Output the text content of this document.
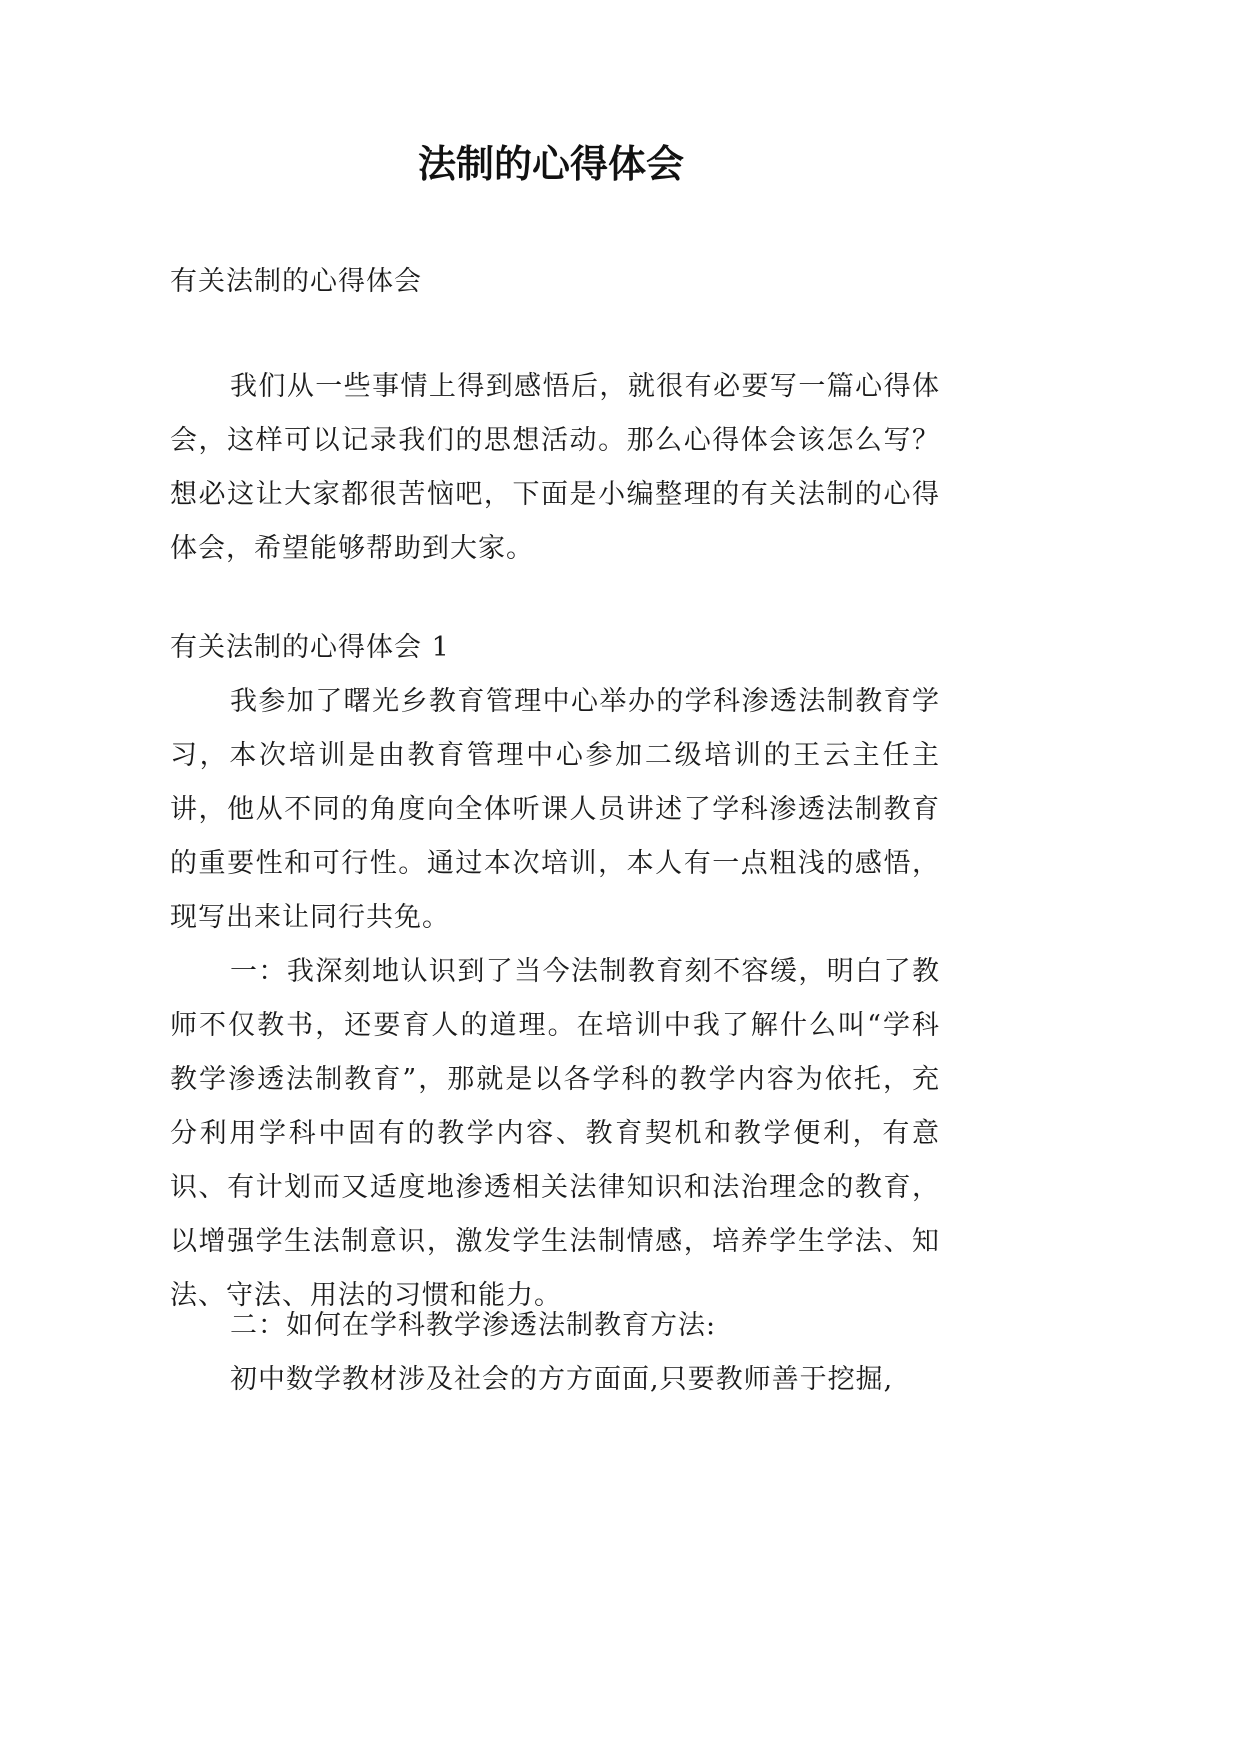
法制的心得体会

有关法制的心得体会

我们从一些事情上得到感悟后，就很有必要写一篇心得体会，这样可以记录我们的思想活动。那么心得体会该怎么写？想必这让大家都很苦恼吧，下面是小编整理的有关法制的心得体会，希望能够帮助到大家。

有关法制的心得体会 1

我参加了曙光乡教育管理中心举办的学科渗透法制教育学习，本次培训是由教育管理中心参加二级培训的王云主任主讲，他从不同的角度向全体听课人员讲述了学科渗透法制教育的重要性和可行性。通过本次培训，本人有一点粗浅的感悟，现写出来让同行共免。

一：我深刻地认识到了当今法制教育刻不容缓，明白了教师不仅教书，还要育人的道理。在培训中我了解什么叫“学科教学渗透法制教育”，那就是以各学科的教学内容为依托，充分利用学科中固有的教学内容、教育契机和教学便利，有意识、有计划而又适度地渗透相关法律知识和法治理念的教育，以增强学生法制意识，激发学生法制情感，培养学生学法、知法、守法、用法的习惯和能力。

二：如何在学科教学渗透法制教育方法:

初中数学教材涉及社会的方方面面,只要教师善于挖掘,
